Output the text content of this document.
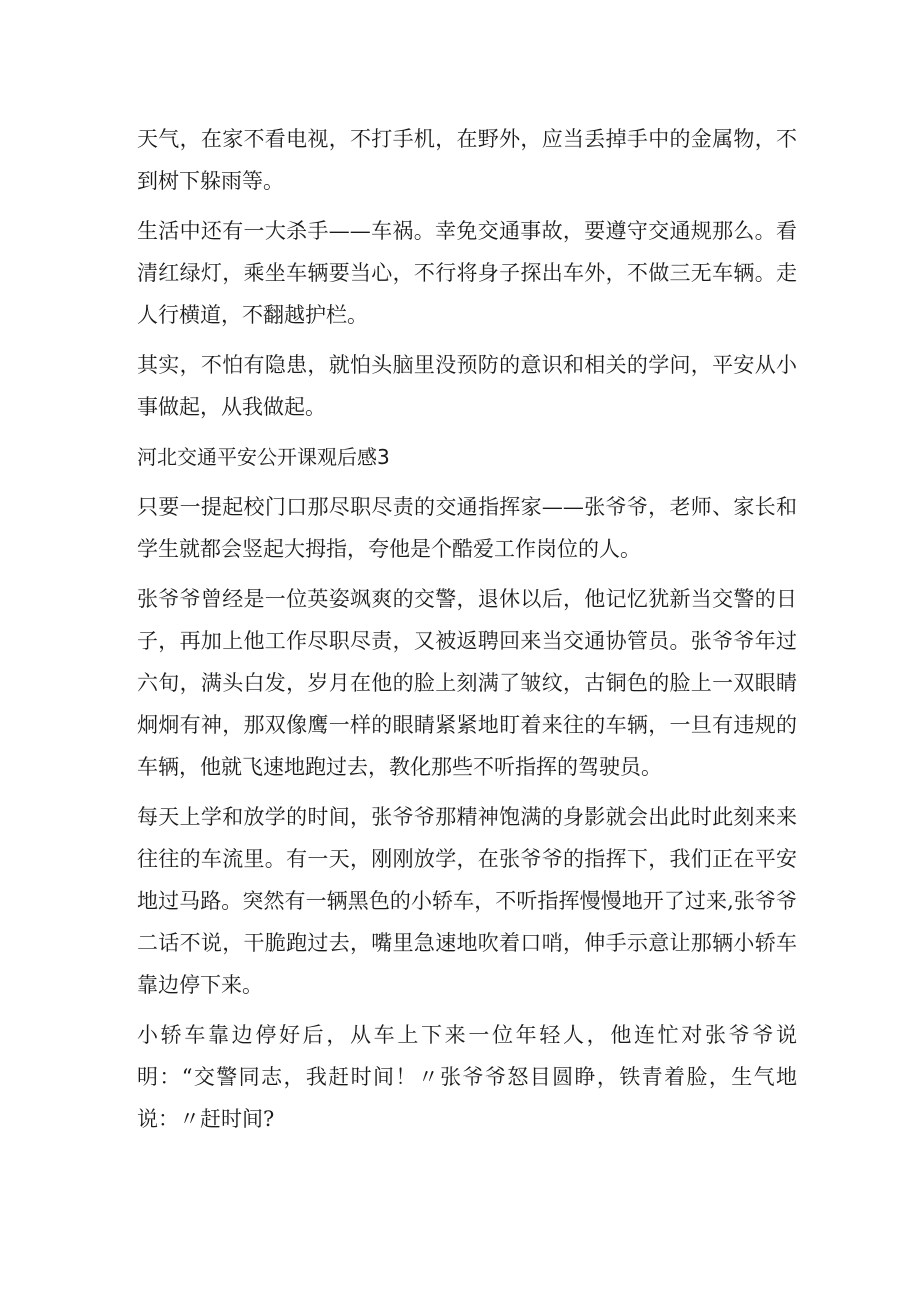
天气，在家不看电视，不打手机，在野外，应当丢掉手中的金属物，不到树下躲雨等。

生活中还有一大杀手——车祸。幸免交通事故，要遵守交通规那么。看清红绿灯，乘坐车辆要当心，不行将身子探出车外，不做三无车辆。走人行横道，不翻越护栏。

其实，不怕有隐患，就怕头脑里没预防的意识和相关的学问，平安从小事做起，从我做起。

河北交通平安公开课观后感3

只要一提起校门口那尽职尽责的交通指挥家——张爷爷，老师、家长和学生就都会竖起大拇指，夸他是个酷爱工作岗位的人。

张爷爷曾经是一位英姿飒爽的交警，退休以后，他记忆犹新当交警的日子，再加上他工作尽职尽责，又被返聘回来当交通协管员。张爷爷年过六旬，满头白发，岁月在他的脸上刻满了皱纹，古铜色的脸上一双眼睛炯炯有神，那双像鹰一样的眼睛紧紧地盯着来往的车辆，一旦有违规的车辆，他就飞速地跑过去，教化那些不听指挥的驾驶员。

每天上学和放学的时间，张爷爷那精神饱满的身影就会出此时此刻来来往往的车流里。有一天，刚刚放学，在张爷爷的指挥下，我们正在平安地过马路。突然有一辆黑色的小轿车，不听指挥慢慢地开了过来,张爷爷二话不说，干脆跑过去，嘴里急速地吹着口哨，伸手示意让那辆小轿车靠边停下来。

小轿车靠边停好后，从车上下来一位年轻人，他连忙对张爷爷说明：“交警同志，我赶时间！〃张爷爷怒目圆睁，铁青着脸，生气地说：〃赶时间?
